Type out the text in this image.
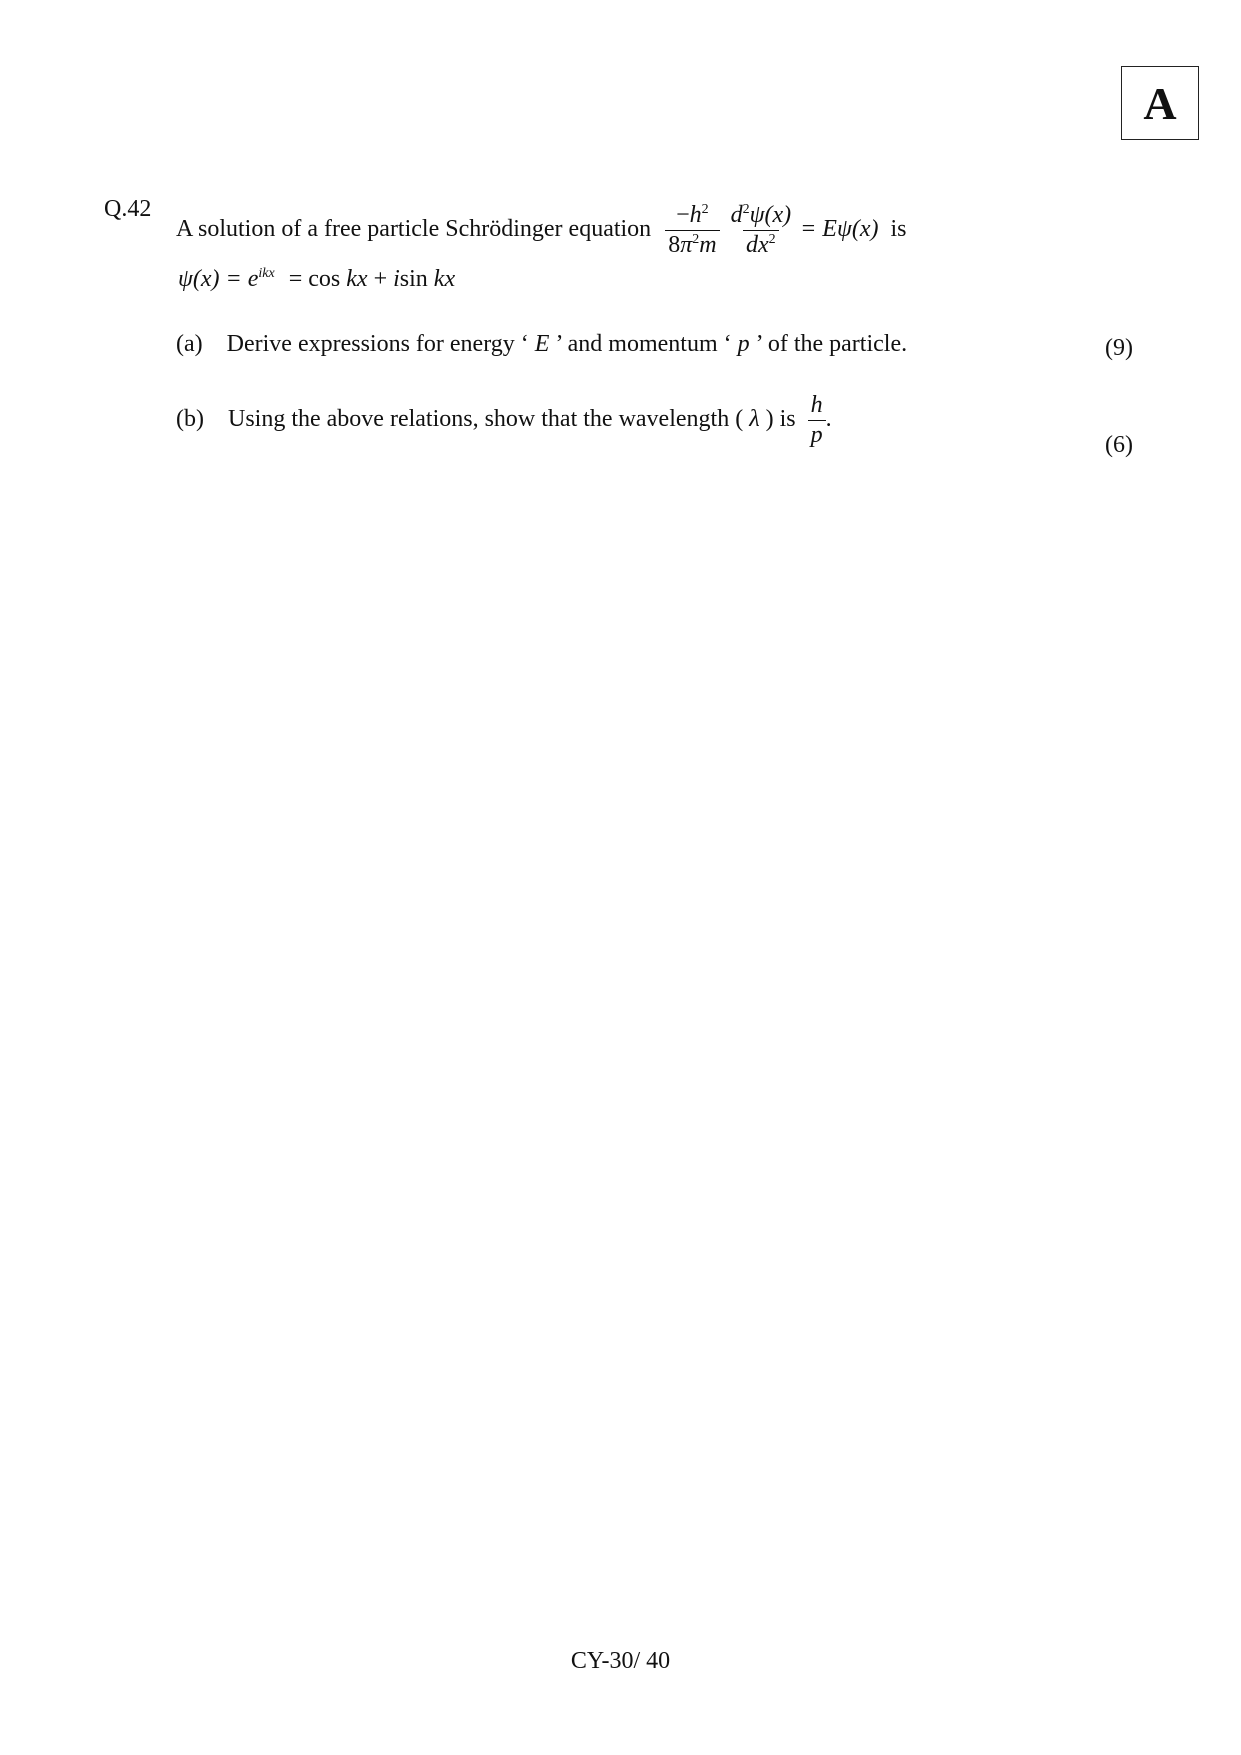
A
Q.42
A solution of a free particle Schrödinger equation $\frac{-h^2}{8\pi^2m}$
$\frac{d^2\psi(x)}{dx^2} = E\psi(x)$ is
$\psi(x) = e^{ikx} = \cos$ kx + isin kx
(a) Derive expressions for energy ‘ E ’ and momentum ‘ p ’ of the particle.	(9)
(b) Using the above relations, show that the wavelength ( λ ) is $\frac{h}{p}$ .
(6)
CY-30/ 40
